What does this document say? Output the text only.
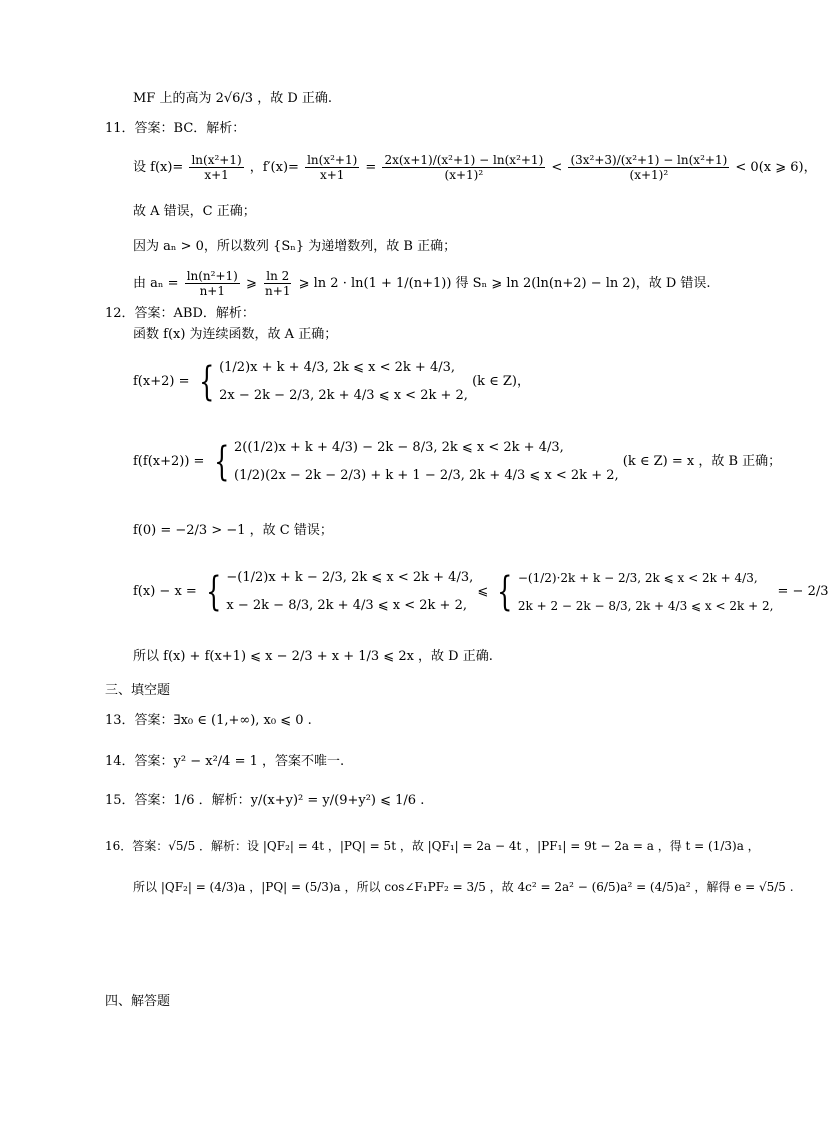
MF 上的高为 2√6/3 ，故 D 正确.
11．答案：BC．解析：
设 $f(x)= \frac{\text{ln(x²+1)}}{x+1}$ ，$f'(x)= \frac{\text{ln(x²+1)}}{x+1} = \frac{\text{2x(x+1)/(x²+1) − ln(x²+1)}}{\text{(x+1)²}} < \frac{\text{(3x²+3)/(x²+1) − ln(x²+1)}}{\text{(x+1)²}} < 0(x$ ⩾ 6)，
故 A 错误，C 正确；
因为 aₙ > 0，所以数列 {Sₙ} 为递增数列，故 B 正确；
由 $a_n = \frac{\text{ln(n²+1)}}{n+1}$ ⩾ $\frac{\ln 2}{n+1}$ ⩾ ln 2 · ln(1 + 1/(n+1)) 得 Sₙ ⩾ ln 2(ln(n+2) − ln 2)，故 D 错误.
12．答案：ABD．解析：
函数 f(x) 为连续函数，故 A 正确；
f(x+2) = { (1/2)x + k + 4/3, 2k ⩽ x < 2k + 4/3,
2x − 2k − 2/3, 2k + 4/3 ⩽ x < 2k + 2,
(k ∈ Z)，
f(f(x+2)) = { 2((1/2)x + k + 4/3) − 2k − 8/3, 2k ⩽ x < 2k + 4/3,
(1/2)(2x − 2k − 2/3) + k + 1 − 2/3, 2k + 4/3 ⩽ x < 2k + 2,
(k ∈ Z) = x ，故 B 正确；
f(0) = −2/3 > −1 ，故 C 错误；
f(x) − x = { −(1/2)x + k − 2/3, 2k ⩽ x < 2k + 4/3,
x − 2k − 8/3, 2k + 4/3 ⩽ x < 2k + 2,
⩽ { −(1/2)·2k + k − 2/3, 2k ⩽ x < 2k + 4/3,
2k + 2 − 2k − 8/3, 2k + 4/3 ⩽ x < 2k + 2,
= − 2/3
所以 f(x) + f(x+1) ⩽ x − 2/3 + x + 1/3 ⩽ 2x ，故 D 正确.
三、填空题
13．答案：∃x₀ ∈ (1,+∞), x₀ ⩽ 0 .
14．答案：y² − x²/4 = 1 ，答案不唯一.
15．答案：1/6 ．解析：y/(x+y)² = y/(9+y²) ⩽ 1/6 .
16．答案：√5/5 ．解析：设 |QF₂| = 4t ，|PQ| = 5t ，故 |QF₁| = 2a − 4t ，|PF₁| = 9t − 2a = a ，得 t = (1/3)a ，
所以 |QF₂| = (4/3)a ，|PQ| = (5/3)a ，所以 cos∠F₁PF₂ = 3/5 ，故 4c² = 2a² − (6/5)a² = (4/5)a² ，解得 e = √5/5 .
四、解答题
